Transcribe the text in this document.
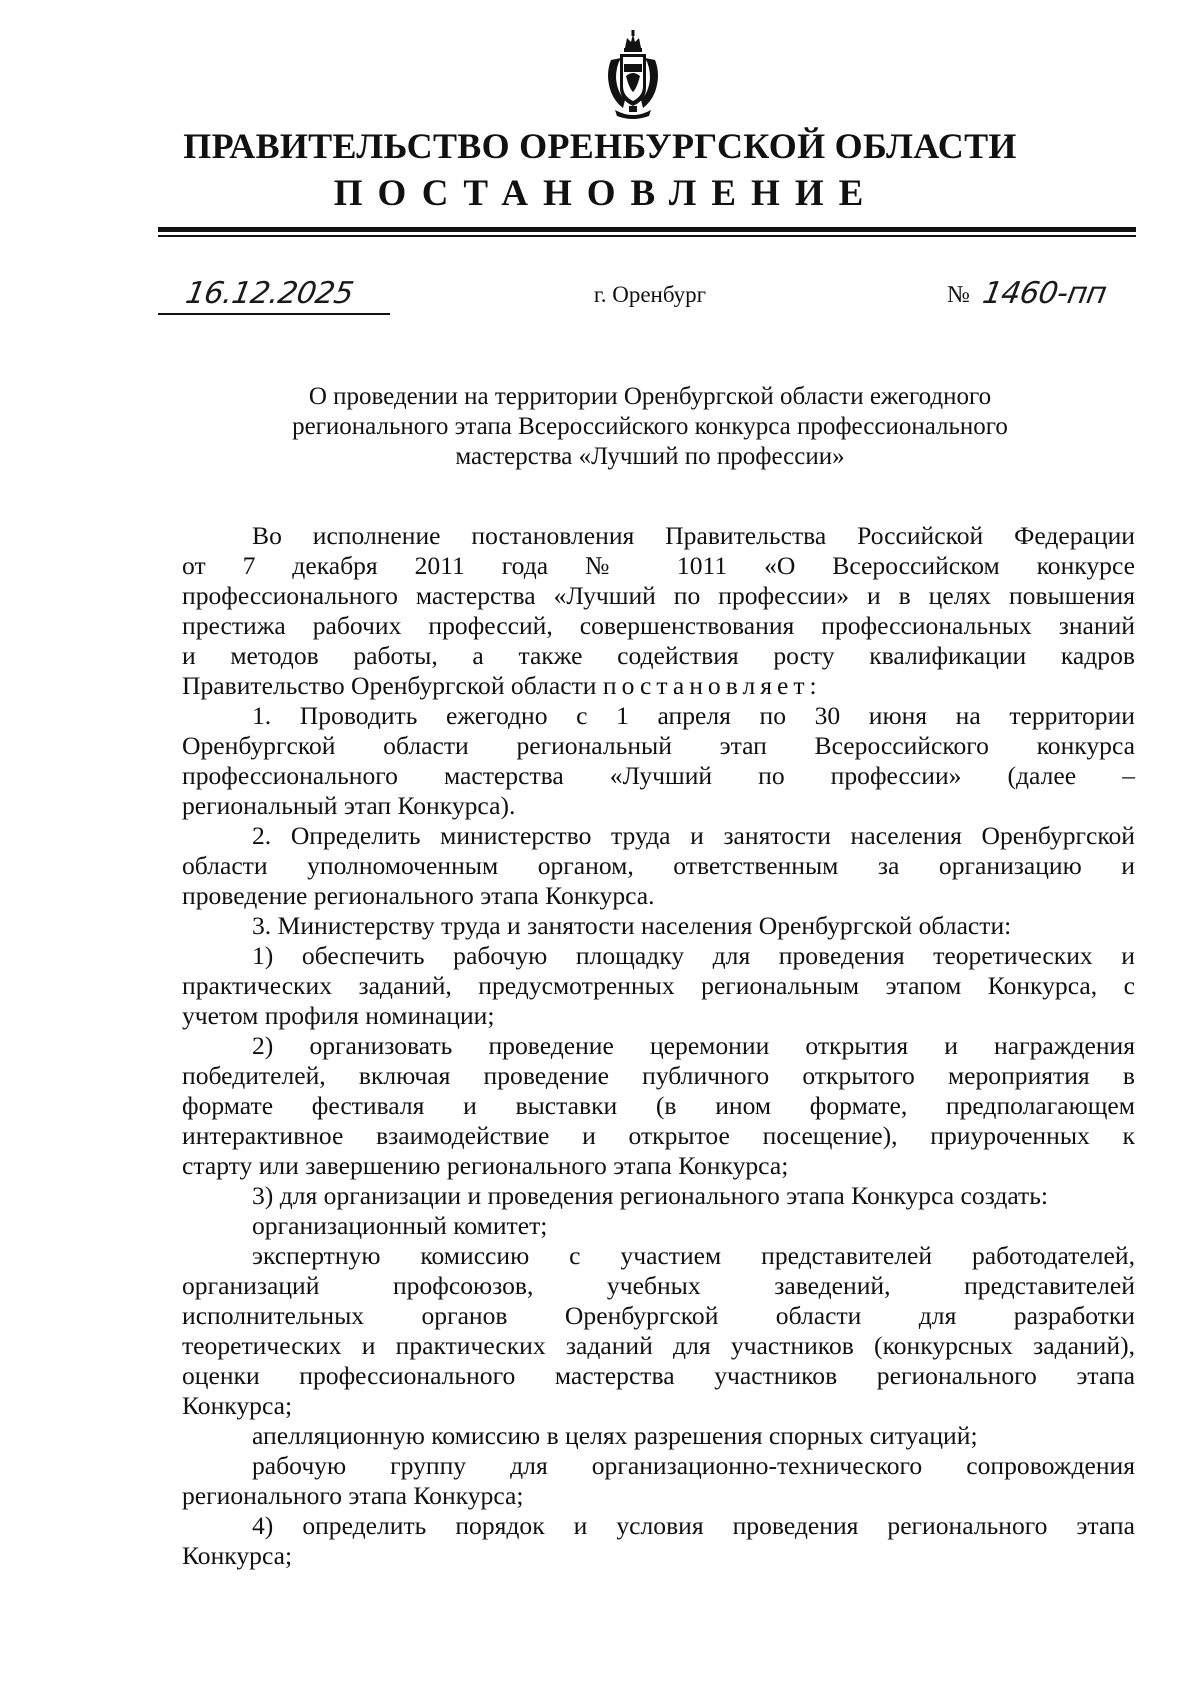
ПРАВИТЕЛЬСТВО ОРЕНБУРГСКОЙ ОБЛАСТИ
ПОСТАНОВЛЕНИЕ
16.12.2025	г. Оренбург	№ 1460-пп
О проведении на территории Оренбургской области ежегодного
регионального этапа Всероссийского конкурса профессионального
мастерства «Лучший по профессии»
Во исполнение постановления Правительства Российской Федерации
от 7 декабря 2011 года № 1011 «О Всероссийском конкурсе
профессионального мастерства «Лучший по профессии» и в целях повышения
престижа рабочих профессий, совершенствования профессиональных знаний
и методов работы, а также содействия росту квалификации кадров
Правительство Оренбургской области постановляет:
1. Проводить ежегодно с 1 апреля по 30 июня на территории
Оренбургской области региональный этап Всероссийского конкурса
профессионального мастерства «Лучший по профессии» (далее –
региональный этап Конкурса).
2. Определить министерство труда и занятости населения Оренбургской
области уполномоченным органом, ответственным за организацию и
проведение регионального этапа Конкурса.
3. Министерству труда и занятости населения Оренбургской области:
1) обеспечить рабочую площадку для проведения теоретических и
практических заданий, предусмотренных региональным этапом Конкурса, с
учетом профиля номинации;
2) организовать проведение церемонии открытия и награждения
победителей, включая проведение публичного открытого мероприятия в
формате фестиваля и выставки (в ином формате, предполагающем
интерактивное взаимодействие и открытое посещение), приуроченных к
старту или завершению регионального этапа Конкурса;
3) для организации и проведения регионального этапа Конкурса создать:
организационный комитет;
экспертную комиссию с участием представителей работодателей,
организаций профсоюзов, учебных заведений, представителей
исполнительных органов Оренбургской области для разработки
теоретических и практических заданий для участников (конкурсных заданий),
оценки профессионального мастерства участников регионального этапа
Конкурса;
апелляционную комиссию в целях разрешения спорных ситуаций;
рабочую группу для организационно-технического сопровождения
регионального этапа Конкурса;
4) определить порядок и условия проведения регионального этапа
Конкурса;
